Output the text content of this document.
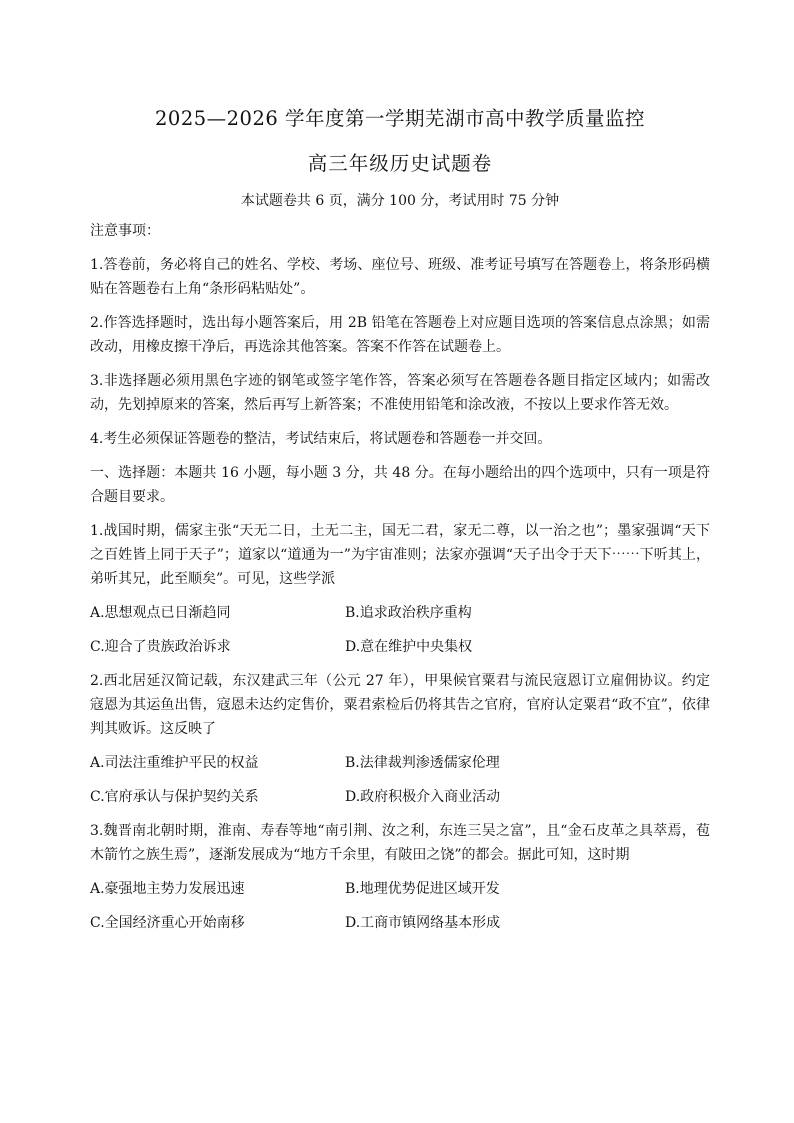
2025—2026 学年度第一学期芜湖市高中教学质量监控

高三年级历史试题卷

本试题卷共 6 页，满分 100 分，考试用时 75 分钟

注意事项：

1.答卷前，务必将自己的姓名、学校、考场、座位号、班级、准考证号填写在答题卷上，将条形码横贴在答题卷右上角“条形码粘贴处”。

2.作答选择题时，选出每小题答案后，用 2B 铅笔在答题卷上对应题目选项的答案信息点涂黑；如需改动，用橡皮擦干净后，再选涂其他答案。答案不作答在试题卷上。

3.非选择题必须用黑色字迹的钢笔或签字笔作答，答案必须写在答题卷各题目指定区域内；如需改动，先划掉原来的答案，然后再写上新答案；不准使用铅笔和涂改液，不按以上要求作答无效。

4.考生必须保证答题卷的整洁，考试结束后，将试题卷和答题卷一并交回。

一、选择题：本题共 16 小题，每小题 3 分，共 48 分。在每小题给出的四个选项中，只有一项是符合题目要求。

1.战国时期，儒家主张“天无二日，土无二主，国无二君，家无二尊，以一治之也”；墨家强调“天下之百姓皆上同于天子”；道家以“道通为一”为宇宙准则；法家亦强调“天子出令于天下⋯⋯下听其上，弟听其兄，此至顺矣”。可见，这些学派

A.思想观点已日渐趋同	B.追求政治秩序重构
C.迎合了贵族政治诉求	D.意在维护中央集权

2.西北居延汉简记载，东汉建武三年（公元 27 年），甲果候官粟君与流民寇恩订立雇佣协议。约定寇恩为其运鱼出售，寇恩未达约定售价，粟君索检后仍将其告之官府，官府认定粟君“政不宜”，依律判其败诉。这反映了

A.司法注重维护平民的权益	B.法律裁判渗透儒家伦理
C.官府承认与保护契约关系	D.政府积极介入商业活动

3.魏晋南北朝时期，淮南、寿春等地“南引荆、汝之利，东连三吴之富”，且“金石皮革之具萃焉，苞木箭竹之族生焉”，逐渐发展成为“地方千余里，有陂田之饶”的都会。据此可知，这时期

A.豪强地主势力发展迅速	B.地理优势促进区域开发
C.全国经济重心开始南移	D.工商市镇网络基本形成
